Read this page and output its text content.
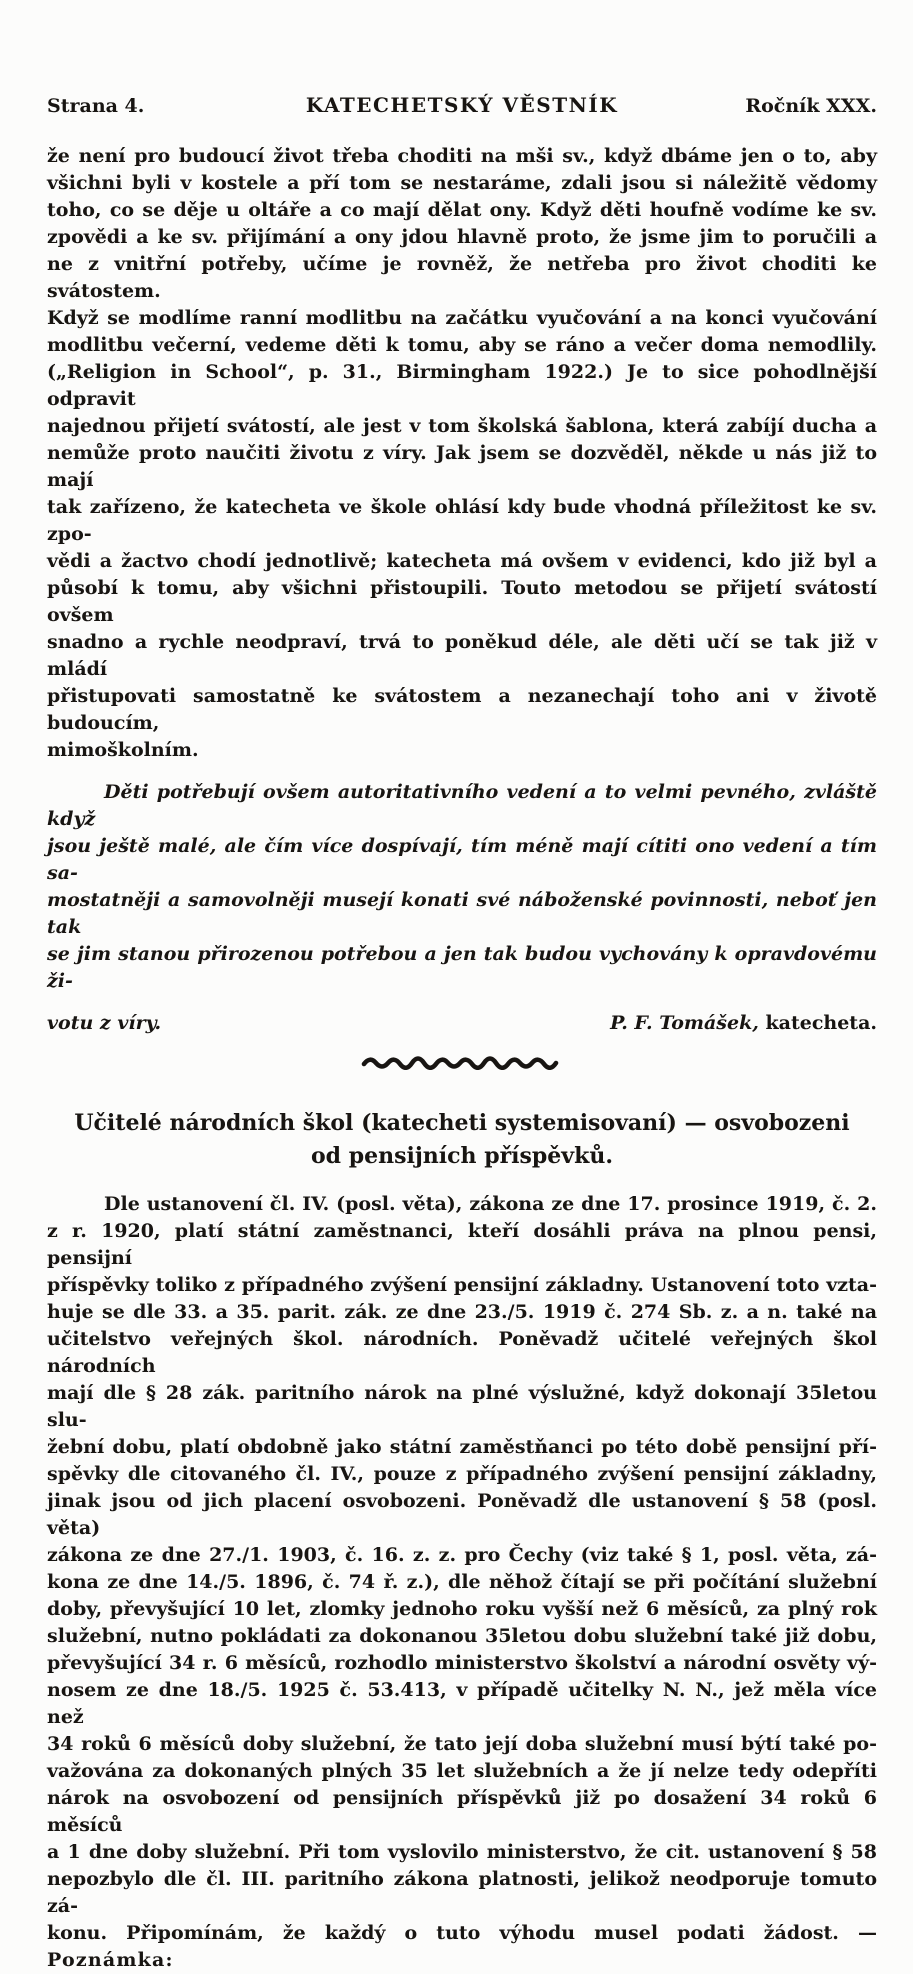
Strana 4.	KATECHETSKÝ VĚSTNÍK	Ročník XXX.
že není pro budoucí život třeba choditi na mši sv., když dbáme jen o to, aby
všichni byli v kostele a pří tom se nestaráme, zdali jsou si náležitě vědomy
toho, co se děje u oltáře a co mají dělat ony. Když děti houfně vodíme ke sv.
zpovědi a ke sv. přijímání a ony jdou hlavně proto, že jsme jim to poručili a
ne z vnitřní potřeby, učíme je rovněž, že netřeba pro život choditi ke svátostem.
Když se modlíme ranní modlitbu na začátku vyučování a na konci vyučování
modlitbu večerní, vedeme děti k tomu, aby se ráno a večer doma nemodlily.
(„Religion in School“, p. 31., Birmingham 1922.) Je to sice pohodlnější odpravit
najednou přijetí svátostí, ale jest v tom školská šablona, která zabíjí ducha a
nemůže proto naučiti životu z víry. Jak jsem se dozvěděl, někde u nás již to mají
tak zařízeno, že katecheta ve škole ohlásí kdy bude vhodná příležitost ke sv. zpo-
vědi a žactvo chodí jednotlivě; katecheta má ovšem v evidenci, kdo již byl a
působí k tomu, aby všichni přistoupili. Touto metodou se přijetí svátostí ovšem
snadno a rychle neodpraví, trvá to poněkud déle, ale děti učí se tak již v mládí
přistupovati samostatně ke svátostem a nezanechají toho ani v životě budoucím,
mimoškolním.
Děti potřebují ovšem autoritativního vedení a to velmi pevného, zvláště když
jsou ještě malé, ale čím více dospívají, tím méně mají cítiti ono vedení a tím sa-
mostatněji a samovolněji musejí konati své náboženské povinnosti, neboť jen tak
se jim stanou přirozenou potřebou a jen tak budou vychovány k opravdovému ži-
votu z víry.	P. F. Tomášek, katecheta.
Učitelé národních škol (katecheti systemisovaní) — osvobozeni
od pensijních příspěvků.
Dle ustanovení čl. IV. (posl. věta), zákona ze dne 17. prosince 1919, č. 2.
z r. 1920, platí státní zaměstnanci, kteří dosáhli práva na plnou pensi, pensijní
příspěvky toliko z případného zvýšení pensijní základny. Ustanovení toto vzta-
huje se dle 33. a 35. parit. zák. ze dne 23./5. 1919 č. 274 Sb. z. a n. také na
učitelstvo veřejných škol. národních. Poněvadž učitelé veřejných škol národních
mají dle § 28 zák. paritního nárok na plné výslužné, když dokonají 35letou slu-
žební dobu, platí obdobně jako státní zaměstňanci po této době pensijní pří-
spěvky dle citovaného čl. IV., pouze z případného zvýšení pensijní základny,
jinak jsou od jich placení osvobozeni. Poněvadž dle ustanovení § 58 (posl. věta)
zákona ze dne 27./1. 1903, č. 16. z. z. pro Čechy (viz také § 1, posl. věta, zá-
kona ze dne 14./5. 1896, č. 74 ř. z.), dle něhož čítají se při počítání služební
doby, převyšující 10 let, zlomky jednoho roku vyšší než 6 měsíců, za plný rok
služební, nutno pokládati za dokonanou 35letou dobu služební také již dobu,
převyšující 34 r. 6 měsíců, rozhodlo ministerstvo školství a národní osvěty vý-
nosem ze dne 18./5. 1925 č. 53.413, v případě učitelky N. N., jež měla více než
34 roků 6 měsíců doby služební, že tato její doba služební musí býtí také po-
važována za dokonaných plných 35 let služebních a že jí nelze tedy odepříti
nárok na osvobození od pensijních příspěvků již po dosažení 34 roků 6 měsíců
a 1 dne doby služební. Při tom vyslovilo ministerstvo, že cit. ustanovení § 58
nepozbylo dle čl. III. paritního zákona platnosti, jelikož neodporuje tomuto zá-
konu. Připomínám, že každý o tuto výhodu musel podati žádost. — Poznámka:
